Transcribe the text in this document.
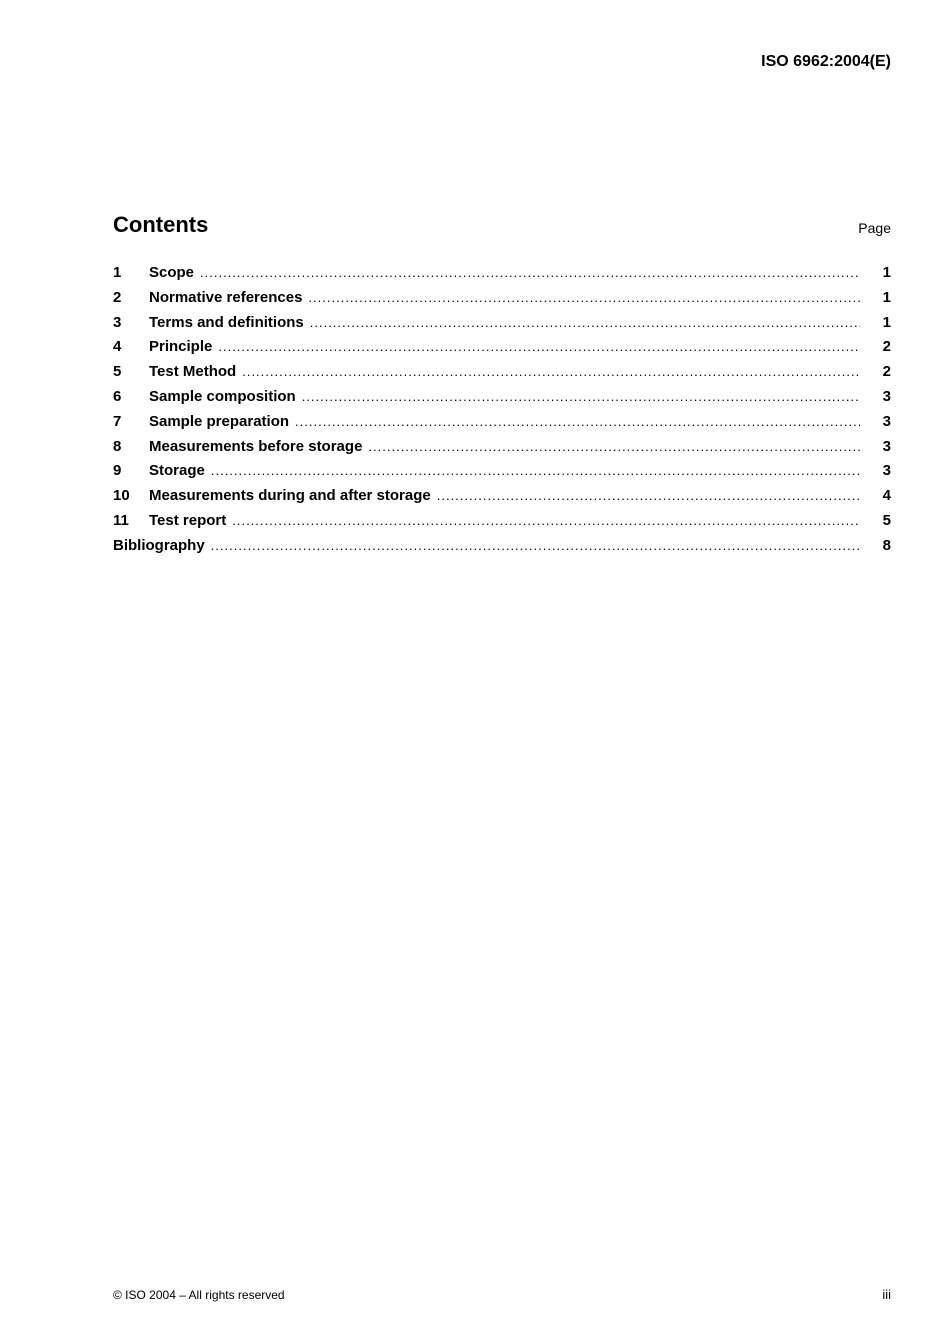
ISO 6962:2004(E)
Contents	Page
1	Scope .....	1
2	Normative references .....	1
3	Terms and definitions .....	1
4	Principle .....	2
5	Test Method .....	2
6	Sample composition .....	3
7	Sample preparation .....	3
8	Measurements before storage .....	3
9	Storage .....	3
10	Measurements during and after storage .....	4
11	Test report .....	5
Bibliography .....	8
© ISO 2004 – All rights reserved	iii
